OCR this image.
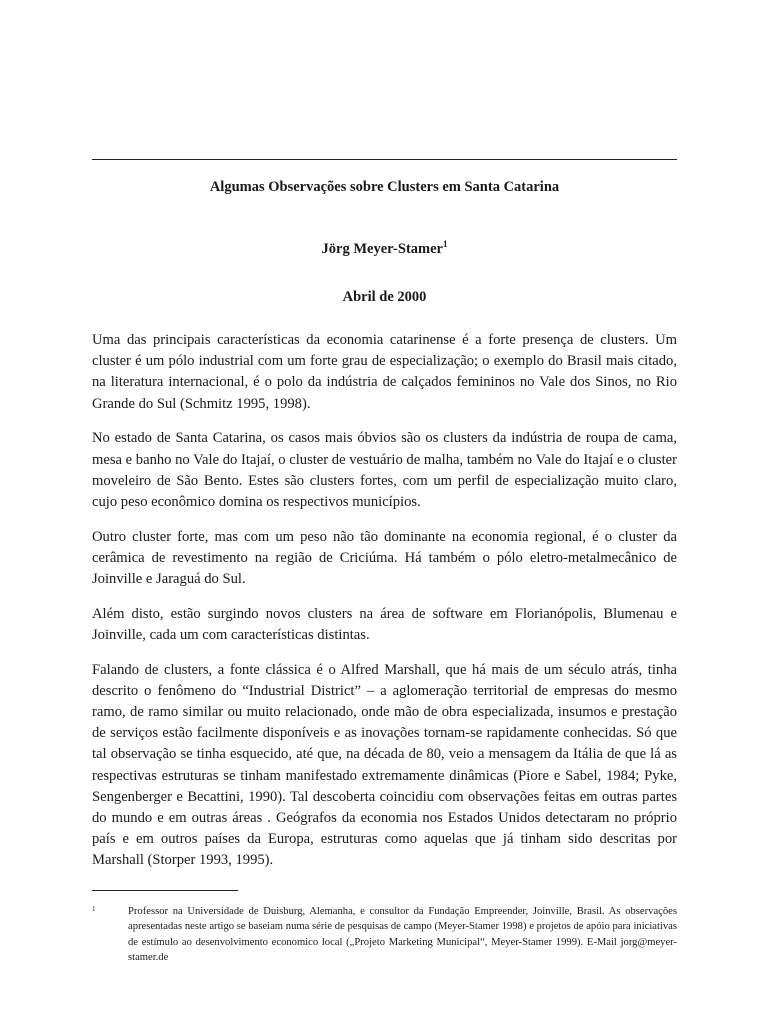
Algumas Observações sobre Clusters em Santa Catarina
Jörg Meyer-Stamer$^1$
Abril de 2000

Uma das principais características da economia catarinense é a forte presença de clusters. Um cluster é um pólo industrial com um forte grau de especialização; o exemplo do Brasil mais citado, na literatura internacional, é o polo da indústria de calçados femininos no Vale dos Sinos, no Rio Grande do Sul (Schmitz 1995, 1998).

No estado de Santa Catarina, os casos mais óbvios são os clusters da indústria de roupa de cama, mesa e banho no Vale do Itajaí, o cluster de vestuário de malha, também no Vale do Itajaí e o cluster moveleiro de São Bento. Estes são clusters fortes, com um perfil de especialização muito claro, cujo peso econômico domina os respectivos municípios.

Outro cluster forte, mas com um peso não tão dominante na economia regional, é o cluster da cerâmica de revestimento na região de Criciúma. Há também o pólo eletro-metalmecânico de Joinville e Jaraguá do Sul.

Além disto, estão surgindo novos clusters na área de software em Florianópolis, Blumenau e Joinville, cada um com características distintas.

Falando de clusters, a fonte clássica é o Alfred Marshall, que há mais de um século atrás, tinha descrito o fenômeno do “Industrial District” – a aglomeração territorial de empresas do mesmo ramo, de ramo similar ou muito relacionado, onde mão de obra especializada, insumos e prestação de serviços estão facilmente disponíveis e as inovações tornam-se rapidamente conhecidas. Só que tal observação se tinha esquecido, até que, na década de 80, veio a mensagem da Itália de que lá as respectivas estruturas se tinham manifestado extremamente dinâmicas (Piore e Sabel, 1984; Pyke, Sengenberger e Becattini, 1990). Tal descoberta coincidiu com observações feitas em outras partes do mundo e em outras áreas . Geógrafos da economia nos Estados Unidos detectaram no próprio país e em outros países da Europa, estruturas como aquelas que já tinham sido descritas por Marshall (Storper 1993, 1995).

1	Professor na Universidade de Duisburg, Alemanha, e consultor da Fundação Empreender, Joinville, Brasil. As observações apresentadas neste artigo se baseiam numa série de pesquisas de campo (Meyer-Stamer 1998) e projetos de apóio para iniciativas de estímulo ao desenvolvimento economico local („Projeto Marketing Municipal“, Meyer-Stamer 1999). E-Mail jorg@meyer-stamer.de
